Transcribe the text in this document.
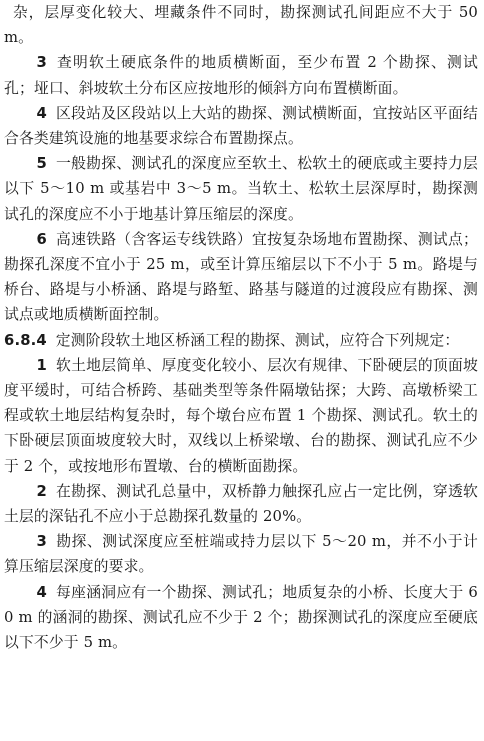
杂，层厚变化较大、埋藏条件不同时，勘探测试孔间距应不大于 50 m。

3 查明软土硬底条件的地质横断面，至少布置 2 个勘探、测试孔；垭口、斜坡软土分布区应按地形的倾斜方向布置横断面。

4 区段站及区段站以上大站的勘探、测试横断面，宜按站区平面结合各类建筑设施的地基要求综合布置勘探点。

5 一般勘探、测试孔的深度应至软土、松软土的硬底或主要持力层以下 5～10 m 或基岩中 3～5 m。当软土、松软土层深厚时，勘探测试孔的深度应不小于地基计算压缩层的深度。

6 高速铁路（含客运专线铁路）宜按复杂场地布置勘探、测试点；勘探孔深度不宜小于 25 m，或至计算压缩层以下不小于 5 m。路堤与桥台、路堤与小桥涵、路堤与路堑、路基与隧道的过渡段应有勘探、测试点或地质横断面控制。

6.8.4 定测阶段软土地区桥涵工程的勘探、测试，应符合下列规定：

1 软土地层简单、厚度变化较小、层次有规律、下卧硬层的顶面坡度平缓时，可结合桥跨、基础类型等条件隔墩钻探；大跨、高墩桥梁工程或软土地层结构复杂时，每个墩台应布置 1 个勘探、测试孔。软土的下卧硬层顶面坡度较大时，双线以上桥梁墩、台的勘探、测试孔应不少于 2 个，或按地形布置墩、台的横断面勘探。

2 在勘探、测试孔总量中，双桥静力触探孔应占一定比例，穿透软土层的深钻孔不应小于总勘探孔数量的 20%。

3 勘探、测试深度应至桩端或持力层以下 5～20 m，并不小于计算压缩层深度的要求。

4 每座涵洞应有一个勘探、测试孔；地质复杂的小桥、长度大于 60 m 的涵洞的勘探、测试孔应不少于 2 个；勘探测试孔的深度应至硬底以下不少于 5 m。
